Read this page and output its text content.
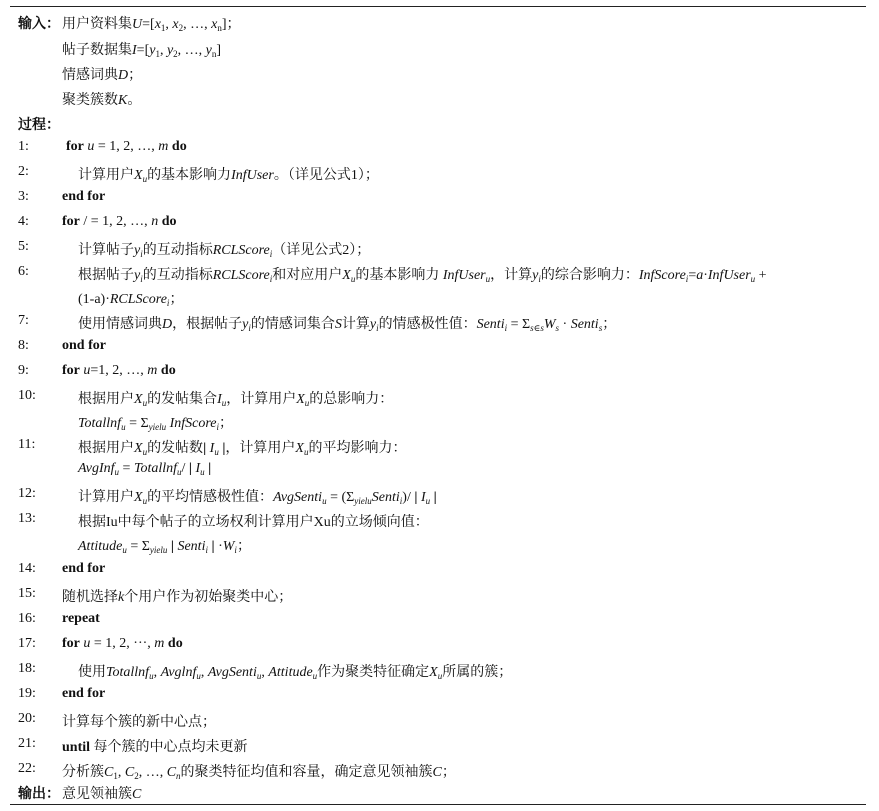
输入： 用户资料集$U=[x_1$, $x_2$, …, $x_n$]；
帖子数据集$I=[y_1$, $y_2$, …, $y_n$]
情感词典D；
聚类簇数K。
过程：
1:
2:
3:
4:
5:
6:
7:
8:
9:
10:
11:
12:
13:
14:
15:
16:
17:
18:
19:
20:
21:
22:
for u = 1, 2, …, m do
计算用户$X_u$的基本影响力InfUser。（详见公式1）；
end for
for / = 1, 2, …, n do
计算帖子$y_i$的互动指标RCLScore$_i$（详见公式2）；
根据帖子$y_i$的互动指标RCLScore$_i$和对应用户$X_u$的基本影响力 InfUser$_u$，计算$y_i$的综合影响力：InfScore$_i$=a·InfUser$_u$ +
(1-a)·RCLScore$_i$；
使用情感词典D，根据帖子$y_i$的情感词集合S计算$y_i$的情感极性值：Senti$_i$ = $\Sigma_{s\in s}W_s$ · Senti$_s$；
ond for
for u=1, 2, …, m do
根据用户$X_u$的发帖集合$I_u$，计算用户$X_u$的总影响力：
Totallnf$_u$ = $\Sigma_{yielu}$ InfScore$_i$；
根据用户$X_u$的发帖数| $I_u$ |，计算用户$X_u$的平均影响力：
AvgInf$_u$ = Totallnf$_u$/ | $I_u$ |
计算用户$X_u$的平均情感极性值：AvgSenti$_u$ = $(\Sigma_{yielu}Senti_i)/$ | $I_u$ |
根据Iu中每个帖子的立场权利计算用户Xu的立场倾向值：
Attitude$_u$ = $\Sigma_{yielu}$ | Senti$_i$ | $\cdot W_i$；
end for
随机选择k个用户作为初始聚类中心；
repeat
for u = 1, 2, ···, m do
使用Totallnf$_u$, Avglnf$_u$, AvgSenti$_u$, Attitude$_u$作为聚类特征确定$X_u$所属的簇；
end for
计算每个簇的新中心点；
until 每个簇的中心点均未更新
分析簇$C_1$, $C_2$, …, $C_n$的聚类特征均值和容量，确定意见领袖簇C；
输出： 意见领袖簇C
